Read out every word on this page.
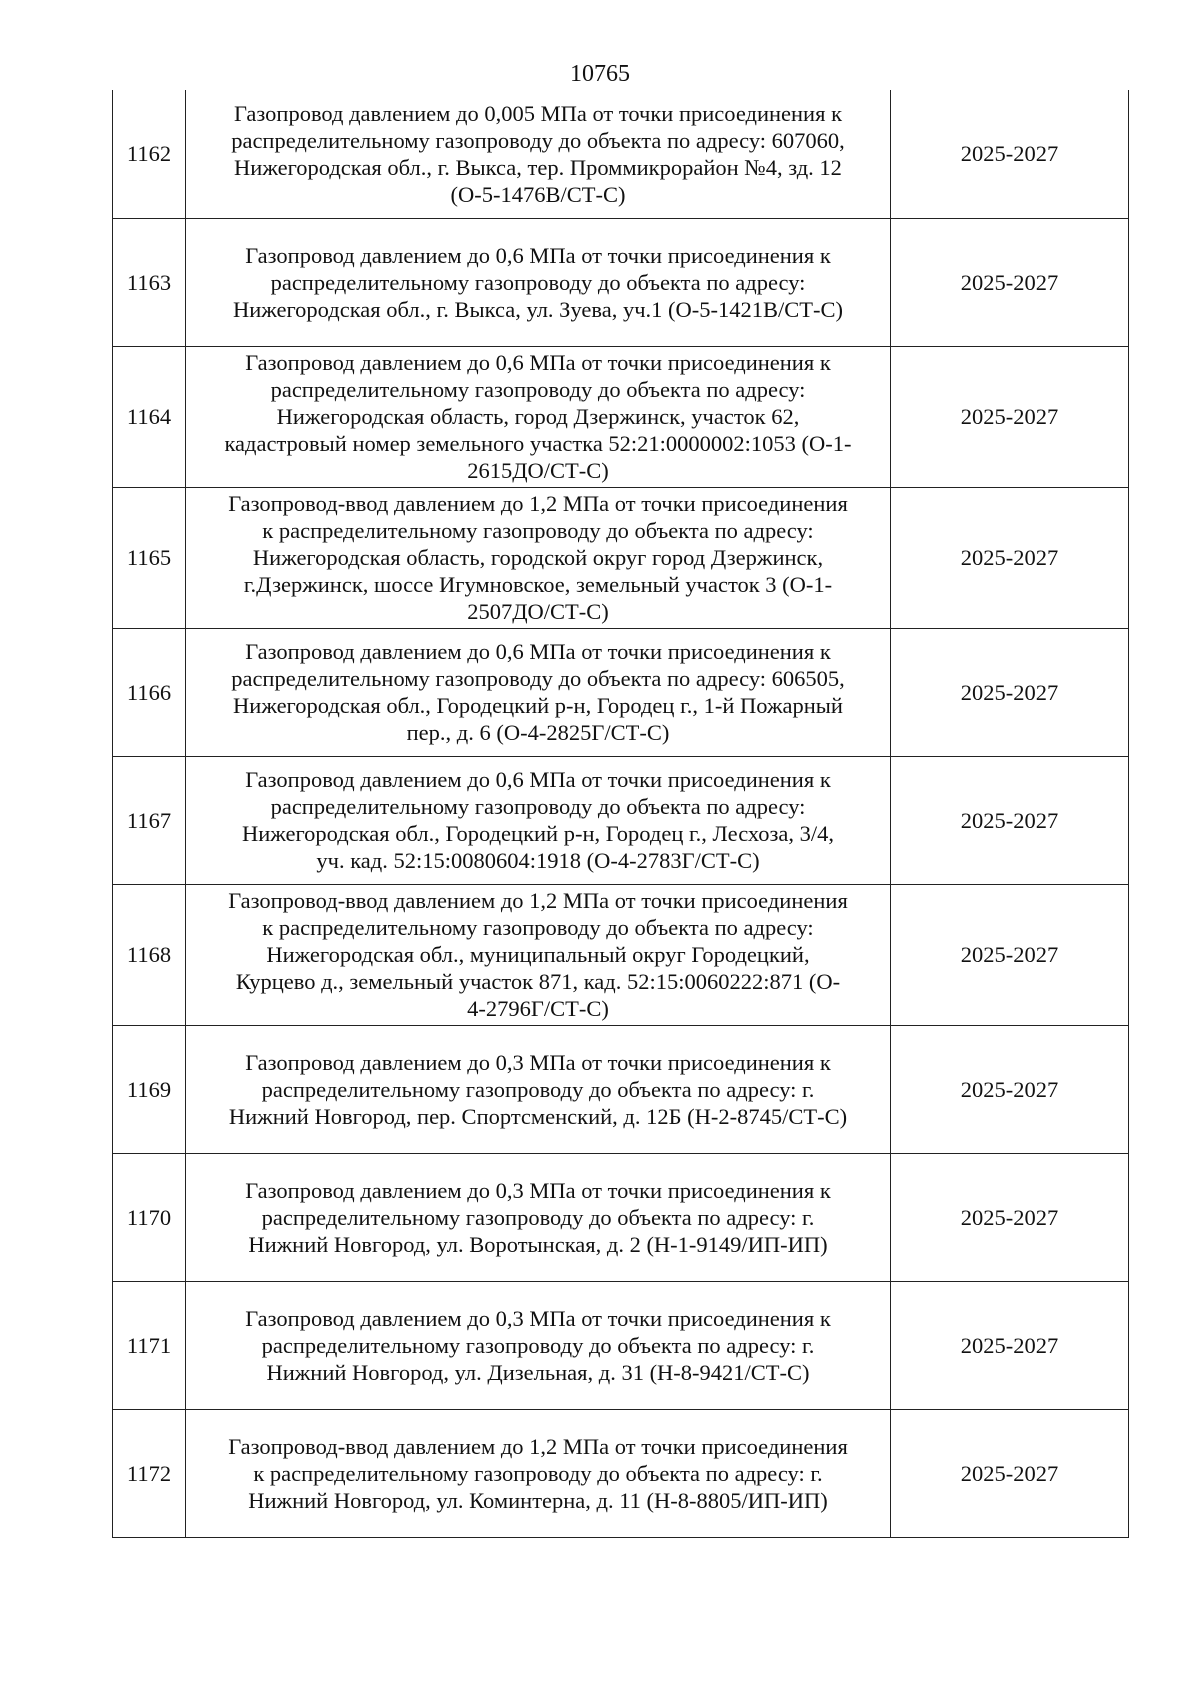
10765
1162	Газопровод давлением до 0,005 МПа от точки присоединения к
распределительному газопроводу до объекта по адресу: 607060,
Нижегородская обл., г. Выкса, тер. Проммикрорайон №4, зд. 12
(О-5-1476В/СТ-С)	2025-2027
1163	Газопровод давлением до 0,6 МПа от точки присоединения к
распределительному газопроводу до объекта по адресу:
Нижегородская обл., г. Выкса, ул. Зуева, уч.1 (О-5-1421В/СТ-С)	2025-2027
1164	Газопровод давлением до 0,6 МПа от точки присоединения к
распределительному газопроводу до объекта по адресу:
Нижегородская область, город Дзержинск, участок 62,
кадастровый номер земельного участка 52:21:0000002:1053 (О-1-
2615ДО/СТ-С)	2025-2027
1165	Газопровод-ввод давлением до 1,2 МПа от точки присоединения
к распределительному газопроводу до объекта по адресу:
Нижегородская область, городской округ город Дзержинск,
г.Дзержинск, шоссе Игумновское, земельный участок 3 (О-1-
2507ДО/СТ-С)	2025-2027
1166	Газопровод давлением до 0,6 МПа от точки присоединения к
распределительному газопроводу до объекта по адресу: 606505,
Нижегородская обл., Городецкий р-н, Городец г., 1-й Пожарный
пер., д. 6 (О-4-2825Г/СТ-С)	2025-2027
1167	Газопровод давлением до 0,6 МПа от точки присоединения к
распределительному газопроводу до объекта по адресу:
Нижегородская обл., Городецкий р-н, Городец г., Лесхоза, 3/4,
уч. кад. 52:15:0080604:1918 (О-4-2783Г/СТ-С)	2025-2027
1168	Газопровод-ввод давлением до 1,2 МПа от точки присоединения
к распределительному газопроводу до объекта по адресу:
Нижегородская обл., муниципальный округ Городецкий,
Курцево д., земельный участок 871, кад. 52:15:0060222:871 (О-
4-2796Г/СТ-С)	2025-2027
1169	Газопровод давлением до 0,3 МПа от точки присоединения к
распределительному газопроводу до объекта по адресу: г.
Нижний Новгород, пер. Спортсменский, д. 12Б (Н-2-8745/СТ-С)	2025-2027
1170	Газопровод давлением до 0,3 МПа от точки присоединения к
распределительному газопроводу до объекта по адресу: г.
Нижний Новгород, ул. Воротынская, д. 2 (Н-1-9149/ИП-ИП)	2025-2027
1171	Газопровод давлением до 0,3 МПа от точки присоединения к
распределительному газопроводу до объекта по адресу: г.
Нижний Новгород, ул. Дизельная, д. 31 (Н-8-9421/СТ-С)	2025-2027
1172	Газопровод-ввод давлением до 1,2 МПа от точки присоединения
к распределительному газопроводу до объекта по адресу: г.
Нижний Новгород, ул. Коминтерна, д. 11 (Н-8-8805/ИП-ИП)	2025-2027
